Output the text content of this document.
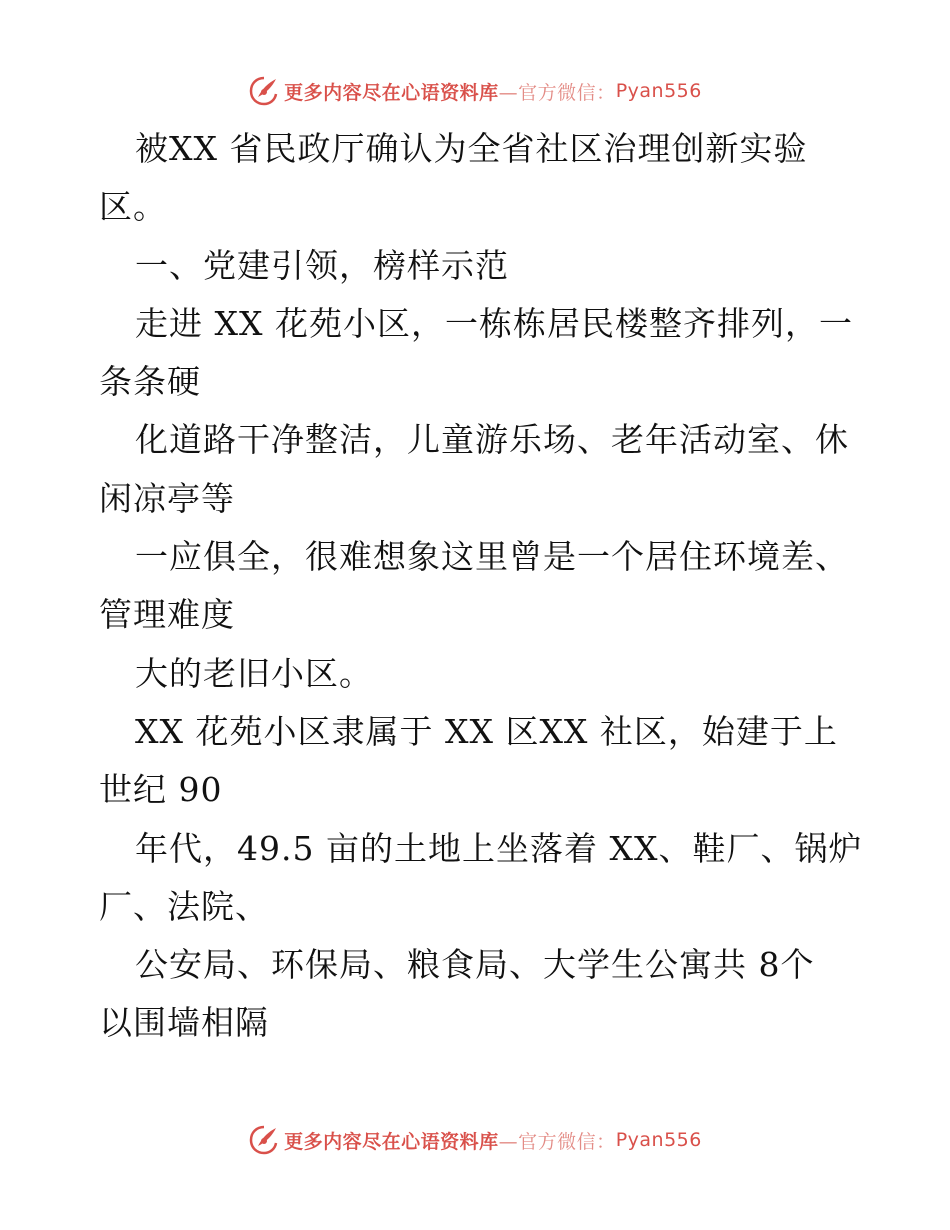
更多内容尽在心语资料库 —官方微信： Pyan556
被XX 省民政厅确认为全省社区治理创新实验
区。
一、党建引领，榜样示范
走进 XX 花苑小区，一栋栋居民楼整齐排列，一
条条硬
化道路干净整洁，儿童游乐场、老年活动室、休
闲凉亭等
一应俱全，很难想象这里曾是一个居住环境差、
管理难度
大的老旧小区。
XX 花苑小区隶属于 XX 区XX 社区，始建于上
世纪 90
年代，49.5 亩的土地上坐落着 XX、鞋厂、锅炉
厂、法院、
公安局、环保局、粮食局、大学生公寓共 8个
以围墙相隔
更多内容尽在心语资料库 —官方微信： Pyan556
